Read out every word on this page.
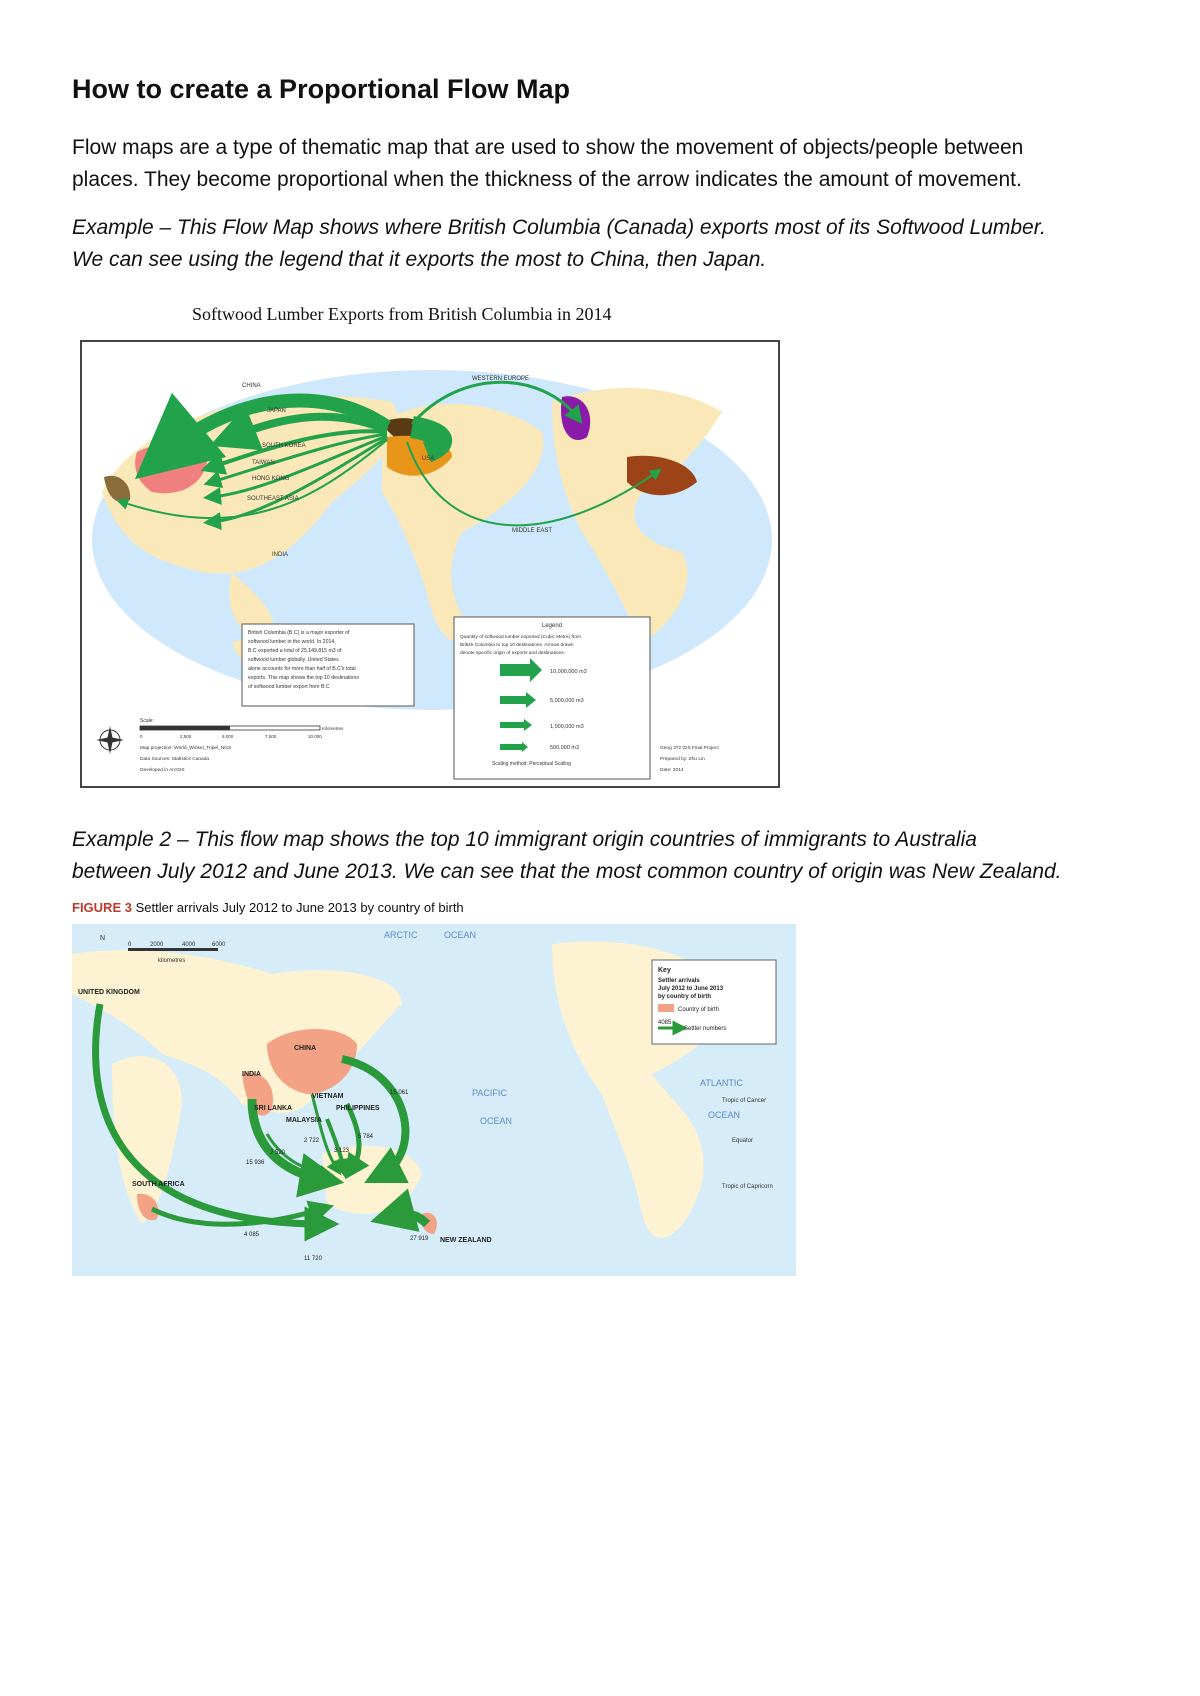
How to create a Proportional Flow Map

Flow maps are a type of thematic map that are used to show the movement of objects/people between
places. They become proportional when the thickness of the arrow indicates the amount of movement.

Example – This Flow Map shows where British Columbia (Canada) exports most of its Softwood Lumber.
We can see using the legend that it exports the most to China, then Japan.

Softwood Lumber Exports from British Columbia in 2014
CHINA
JAPAN
SOUTH KOREA
TAIWAN
HONG KONG
SOUTHEAST ASIA
INDIA
USA
WESTERN EUROPE
MIDDLE EAST
British Columbia (B.C) is a major exporter of softwood lumber in the world. In 2014, B.C exported a total of 25,149,815 m3 of softwood lumber globally. United States alone accounts for more than half of B.C's total exports. This map shows the top 10 destinations of softwood lumber export from B.C
Legend
Quantity of softwood lumber exported (Cubic Metre) from British Columbia to top 10 destinations. Arrows drawn denote specific origin of exports and destinations.
10,000,000 m3
5,000,000 m3
1,000,000 m3
500,000 m3
Scaling method: Perceptual Scaling
Scale:
0	2,500	5,000	7,500	10,000
Kilometres
Map projection: World_Winkel_Tripel_NGS Data Sources: Statistics Canada Developed in ArcGIS
Geog 372 GIS Final Project Prepared by: Zhu Lin Date: 2014

Example 2 – This flow map shows the top 10 immigrant origin countries of immigrants to Australia
between July 2012 and June 2013. We can see that the most common country of origin was New Zealand.

FIGURE 3 Settler arrivals July 2012 to June 2013 by country of birth
ARCTIC	OCEAN
PACIFIC
OCEAN
ATLANTIC
OCEAN
Tropic of Cancer
Equator
Tropic of Capricorn
N
0	2000	4000	6000 kilometres
UNITED KINGDOM
CHINA
INDIA
SRI LANKA
VIETNAM
PHILIPPINES
MALAYSIA
SOUTH AFRICA
NEW ZEALAND
11 720
15 061
15 936
2 520
2 722
5 784
3 123
4 085
27 919
Key
Settler arrivals July 2012 to June 2013 by country of birth
Country of birth
4085
Settler numbers
